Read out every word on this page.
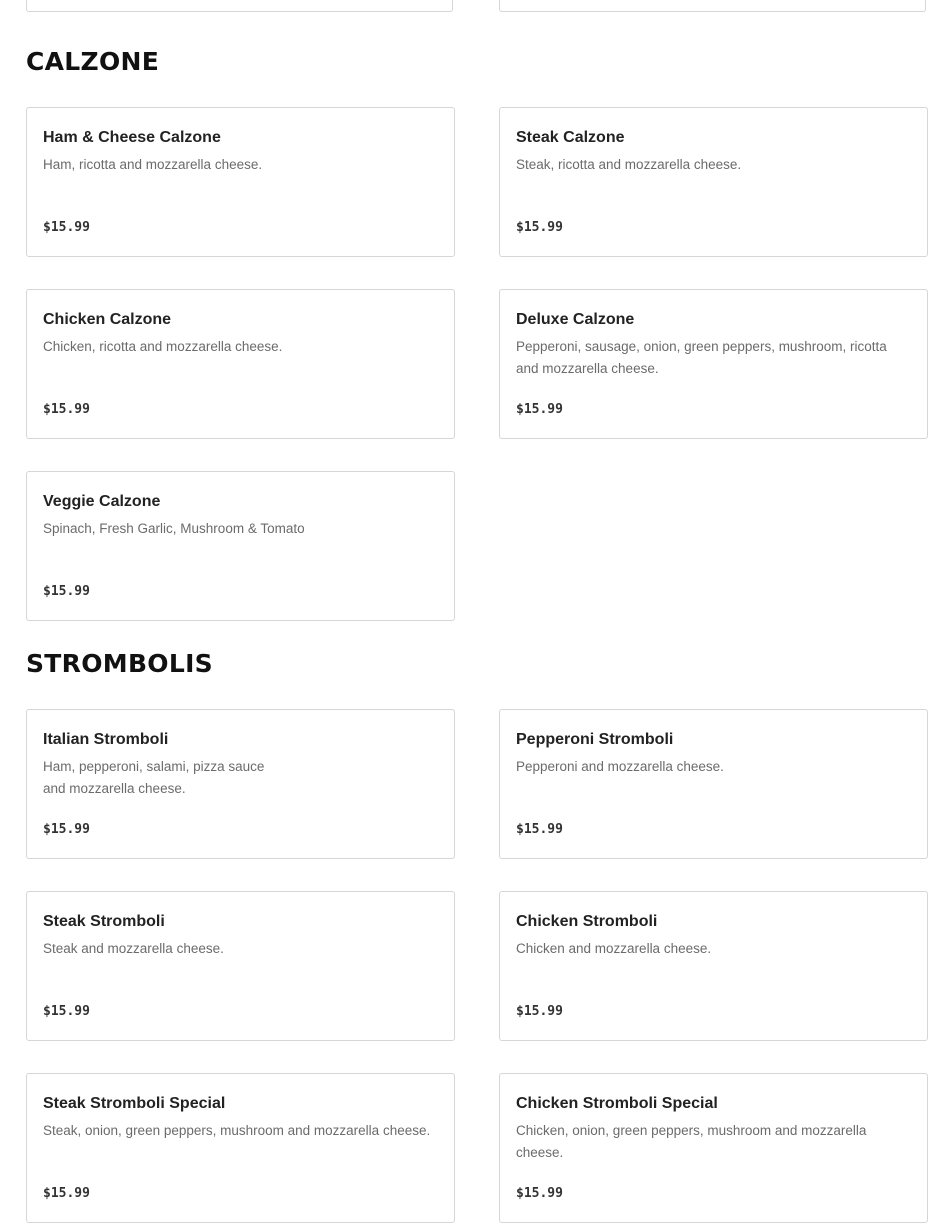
CALZONE
Ham & Cheese Calzone
Ham, ricotta and mozzarella cheese.
$15.99
Steak Calzone
Steak, ricotta and mozzarella cheese.
$15.99
Chicken Calzone
Chicken, ricotta and mozzarella cheese.
$15.99
Deluxe Calzone
Pepperoni, sausage, onion, green peppers, mushroom, ricotta and mozzarella cheese.
$15.99
Veggie Calzone
Spinach, Fresh Garlic, Mushroom & Tomato
$15.99
STROMBOLIS
Italian Stromboli
Ham, pepperoni, salami, pizza sauce and mozzarella cheese.
$15.99
Pepperoni Stromboli
Pepperoni and mozzarella cheese.
$15.99
Steak Stromboli
Steak and mozzarella cheese.
$15.99
Chicken Stromboli
Chicken and mozzarella cheese.
$15.99
Steak Stromboli Special
Steak, onion, green peppers, mushroom and mozzarella cheese.
$15.99
Chicken Stromboli Special
Chicken, onion, green peppers, mushroom and mozzarella cheese.
$15.99
